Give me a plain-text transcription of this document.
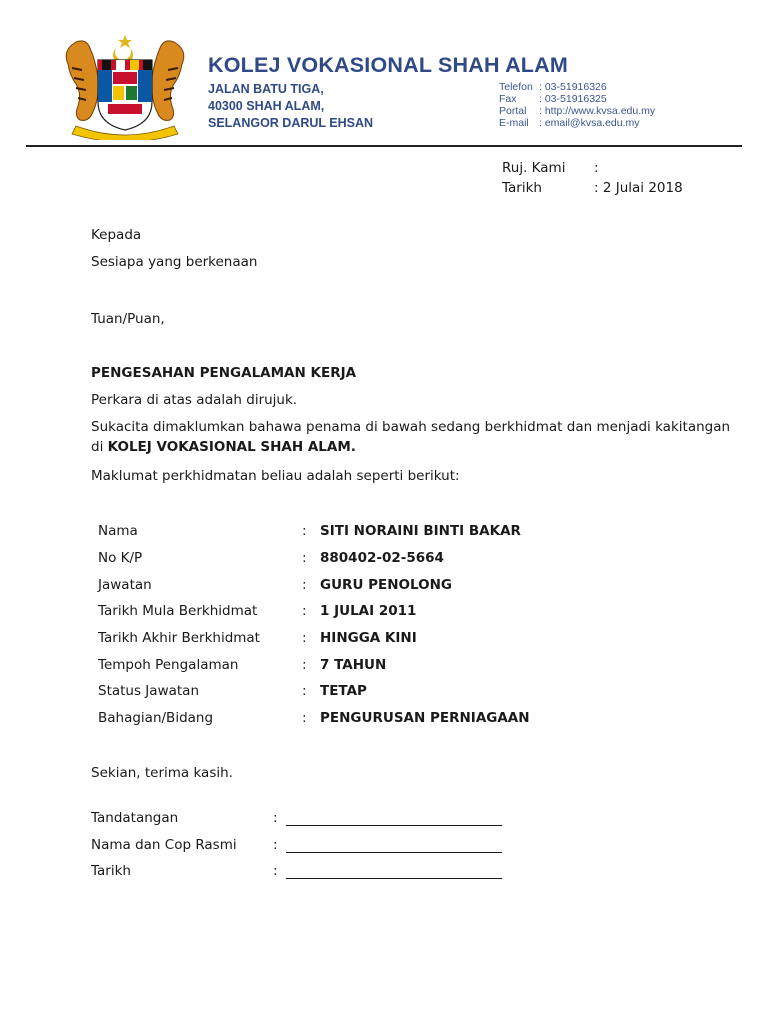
KOLEJ VOKASIONAL SHAH ALAM
JALAN BATU TIGA,
40300 SHAH ALAM,
SELANGOR DARUL EHSAN
Telefon : 03-51916326
Fax : 03-51916325
Portal : http://www.kvsa.edu.my
E-mail : email@kvsa.edu.my
Ruj. Kami :
Tarikh	: 2 Julai 2018
Kepada
Sesiapa yang berkenaan
Tuan/Puan,
PENGESAHAN PENGALAMAN KERJA
Perkara di atas adalah dirujuk.
Sukacita dimaklumkan bahawa penama di bawah sedang berkhidmat dan menjadi kakitangan
di KOLEJ VOKASIONAL SHAH ALAM.
Maklumat perkhidmatan beliau adalah seperti berikut:
Nama	: SITI NORAINI BINTI BAKAR
No K/P	: 880402-02-5664
Jawatan	: GURU PENOLONG
Tarikh Mula Berkhidmat	: 1 JULAI 2011
Tarikh Akhir Berkhidmat	: HINGGA KINI
Tempoh Pengalaman	: 7 TAHUN
Status Jawatan	: TETAP
Bahagian/Bidang	: PENGURUSAN PERNIAGAAN
Sekian, terima kasih.
Tandatangan	:
Nama dan Cop Rasmi	:
Tarikh	:
